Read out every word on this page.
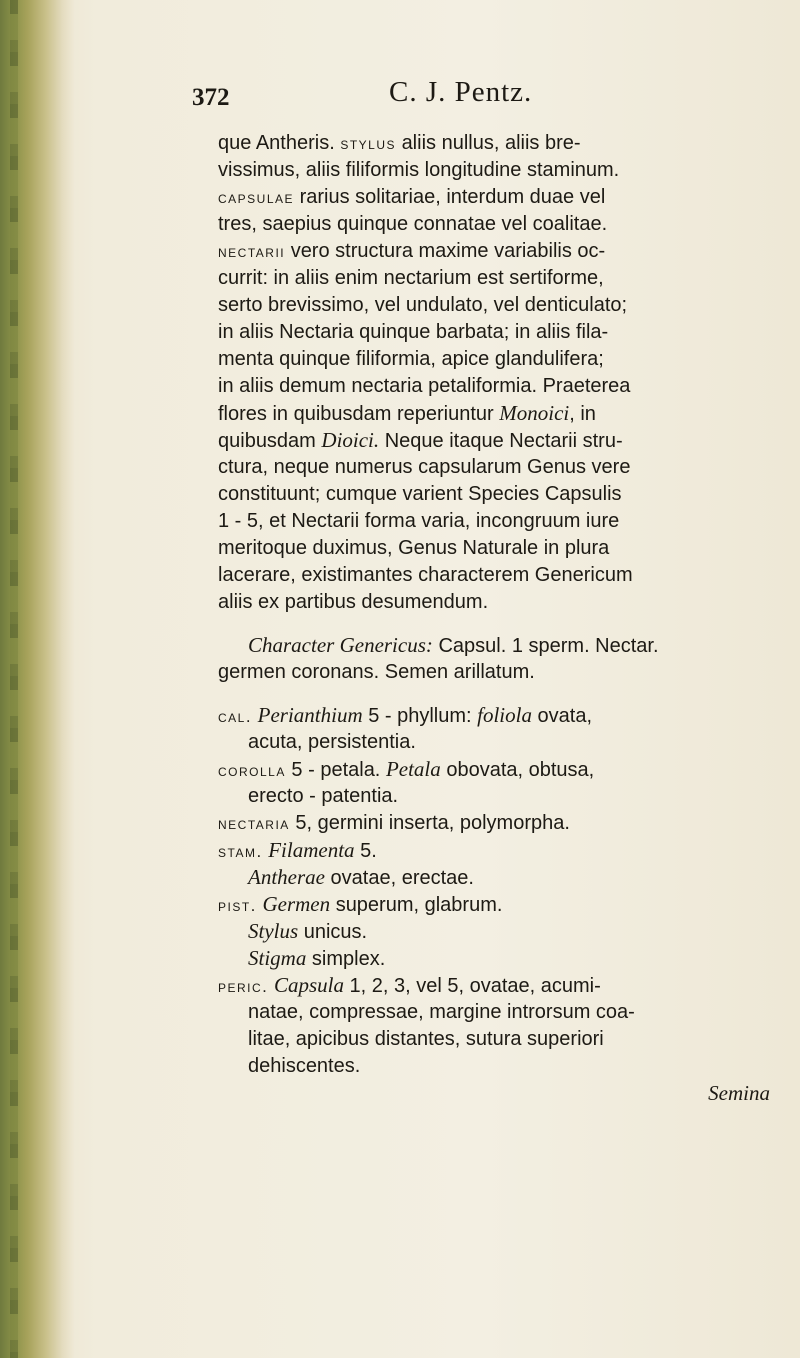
372	C. J. Pentz.
que Antheris. stylus aliis nullus, aliis bre-
vissimus, aliis filiformis longitudine staminum.
capsulae rarius solitariae, interdum duae vel
tres, saepius quinque connatae vel coalitae.
nectarii vero structura maxime variabilis oc-
currit: in aliis enim nectarium est sertiforme,
serto brevissimo, vel undulato, vel denticulato;
in aliis Nectaria quinque barbata; in aliis fila-
menta quinque filiformia, apice glandulifera;
in aliis demum nectaria petaliformia. Praeterea
flores in quibusdam reperiuntur Monoici, in
quibusdam Dioici. Neque itaque Nectarii stru-
ctura, neque numerus capsularum Genus vere
constituunt; cumque varient Species Capsulis
1 - 5, et Nectarii forma varia, incongruum iure
meritoque duximus, Genus Naturale in plura
lacerare, existimantes characterem Genericum
aliis ex partibus desumendum.
Character Genericus: Capsul. 1 sperm. Nectar.
germen coronans. Semen arillatum.
cal. Perianthium 5 - phyllum: foliola ovata,
acuta, persistentia.
corolla 5 - petala. Petala obovata, obtusa,
erecto - patentia.
nectaria 5, germini inserta, polymorpha.
stam. Filamenta 5.
Antherae ovatae, erectae.
pist. Germen superum, glabrum.
Stylus unicus.
Stigma simplex.
peric. Capsula 1, 2, 3, vel 5, ovatae, acumi-
natae, compressae, margine introrsum coa-
litae, apicibus distantes, sutura superiori
dehiscentes.
Semina
